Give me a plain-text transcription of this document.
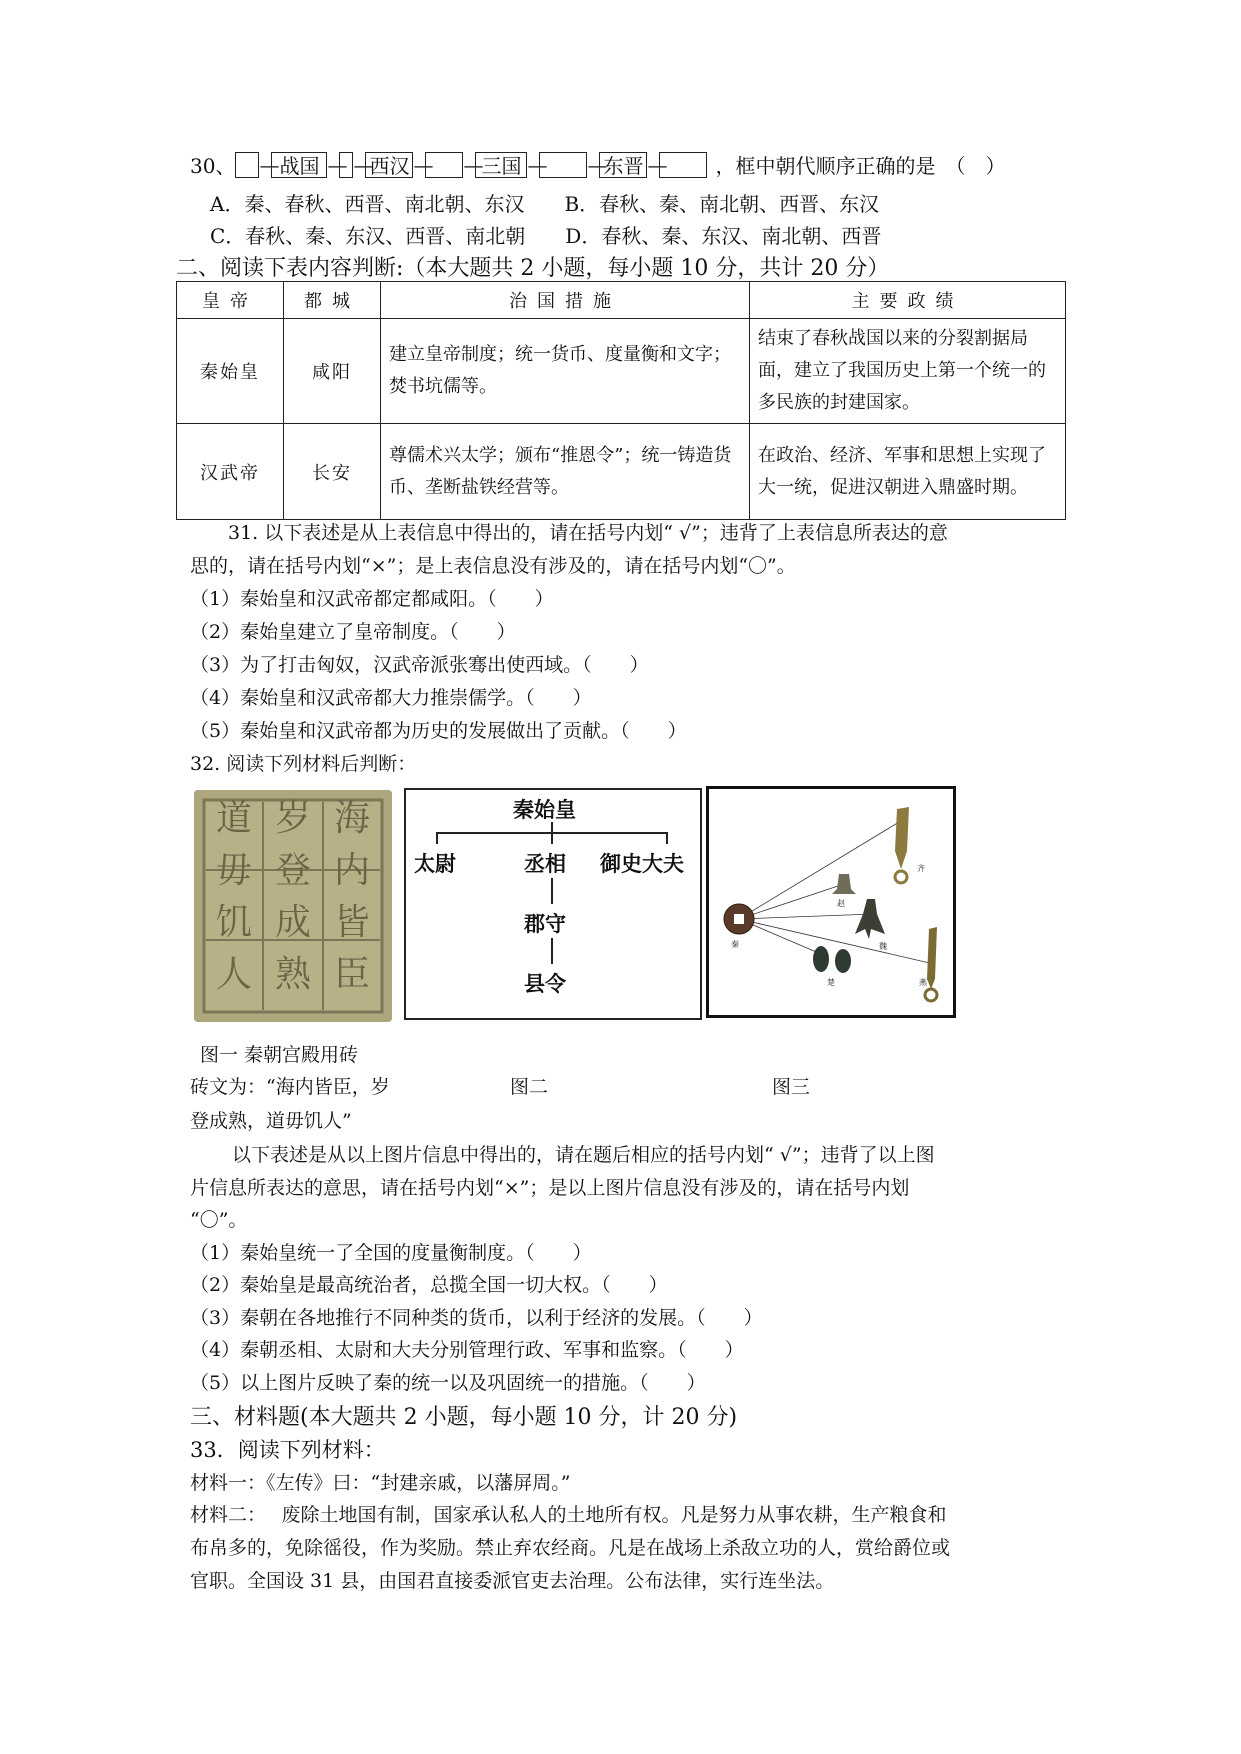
30、 — 战国 — —
西汉 — —
三国 — —
东晋 — ，框中朝代顺序正确的是　（　）
A．秦、春秋、西晋、南北朝、东汉　　B．春秋、秦、南北朝、西晋、东汉
C．春秋、秦、东汉、西晋、南北朝　　D．春秋、秦、东汉、南北朝、西晋
二、阅读下表内容判断:（本大题共 2 小题，每小题 10 分，共计 20 分）
皇帝	都城	治国措施	主要政绩
秦始皇	咸阳	建立皇帝制度；统一货币、度量衡和文字；焚书坑儒等。	结束了春秋战国以来的分裂割据局面，建立了我国历史上第一个统一的多民族的封建国家。
汉武帝	长安	尊儒术兴太学；颁布“推恩令”；统一铸造货币、垄断盐铁经营等。	在政治、经济、军事和思想上实现了大一统，促进汉朝进入鼎盛时期。
31. 以下表述是从上表信息中得出的，请在括号内划“ √”；违背了上表信息所表达的意
思的，请在括号内划“×”；是上表信息没有涉及的，请在括号内划“〇”。
（1）秦始皇和汉武帝都定都咸阳。（　　）
（2）秦始皇建立了皇帝制度。（　　）
（3）为了打击匈奴，汉武帝派张骞出使西域。（　　）
（4）秦始皇和汉武帝都大力推崇儒学。（　　）
（5）秦始皇和汉武帝都为历史的发展做出了贡献。（　　）
32. 阅读下列材料后判断：
海
内
皆
臣
岁
登
成
熟
道
毋
饥
人
秦始皇
太尉	丞相 御史大夫
郡守
县令
齐
赵
魏
秦
楚	燕
图一 秦朝宫殿用砖
砖文为：“海内皆臣，岁	图二	图三
登成熟，道毋饥人”
以下表述是从以上图片信息中得出的，请在题后相应的括号内划“ √”；违背了以上图
片信息所表达的意思，请在括号内划“×”；是以上图片信息没有涉及的，请在括号内划
“〇”。
（1）秦始皇统一了全国的度量衡制度。（　　）
（2）秦始皇是最高统治者，总揽全国一切大权。（　　）
（3）秦朝在各地推行不同种类的货币，以利于经济的发展。（　　）
（4）秦朝丞相、太尉和大夫分别管理行政、军事和监察。（　　）
（5）以上图片反映了秦的统一以及巩固统一的措施。（　　）
三、材料题(本大题共 2 小题，每小题 10 分，计 20 分)
33．阅读下列材料：
材料一：《左传》曰：“封建亲戚，以藩屏周。”
材料二：　 废除土地国有制，国家承认私人的土地所有权。凡是努力从事农耕，生产粮食和
布帛多的，免除徭役，作为奖励。禁止弃农经商。凡是在战场上杀敌立功的人，赏给爵位或
官职。全国设 31 县，由国君直接委派官吏去治理。公布法律，实行连坐法。
